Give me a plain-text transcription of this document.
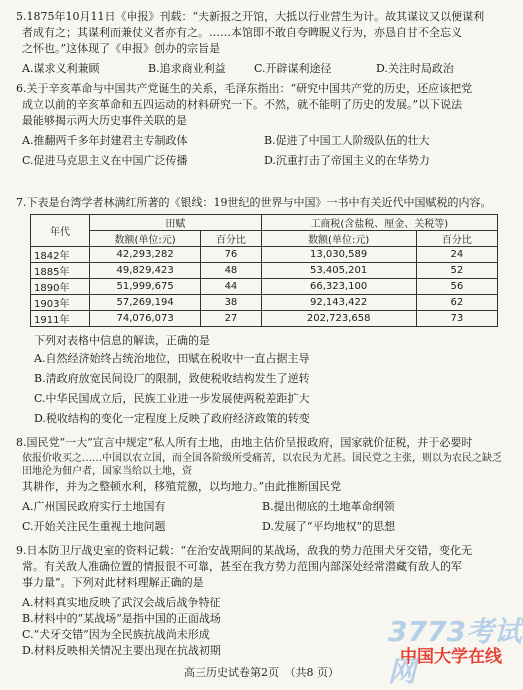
5.1875年10月11日《申报》刊载：“夫新报之开馆，大抵以行业营生为计。故其谋议又以便谋利
者成有之；其谋利而兼仗义者亦有之。……本馆即不敢自夸睥睨义行为，亦恳自甘不全忘义
之怀也。”这体现了《申报》创办的宗旨是
A.谋求义利兼顾	B.追求商业利益	C.开辟谋利途径	D.关注时局政治
6.关于辛亥革命与中国共产党诞生的关系，毛泽东指出：“研究中国共产党的历史，还应该把党
成立以前的辛亥革命和五四运动的材料研究一下。不然，就不能明了历史的发展。”以下说法
最能够揭示两大历史事件关联的是
A.推翻两千多年封建君主专制政体	B.促进了中国工人阶级队伍的壮大
C.促进马克思主义在中国广泛传播	D.沉重打击了帝国主义的在华势力
7.下表是台湾学者林满红所著的《银线：19世纪的世界与中国》一书中有关近代中国赋税的内容。
年代	田赋		工商税(含盐税、厘金、关税等)	
	数额(单位:元)	百分比	数额(单位:元)	百分比
1842年	42,293,282	76	13,030,589	24
1885年	49,829,423	48	53,405,201	52
1890年	51,999,675	44	66,323,100	56
1903年	57,269,194	38	92,143,422	62
1911年	74,076,073	27	202,723,658	73
下列对表格中信息的解读，正确的是
A.自然经济始终占统治地位，田赋在税收中一直占据主导
B.清政府放宽民间设厂的限制，致使税收结构发生了逆转
C.中华民国成立后，民族工业进一步发展使两税差距扩大
D.税收结构的变化一定程度上反映了政府经济政策的转变
8.国民党“一大”宣言中规定“私人所有土地，由地主估价呈报政府，国家就价征税，并于必要时
依报价收买之……中国以农立国，而全国各阶级所受痛苦，以农民为尤甚。国民党之主张，则以为农民之缺乏田地沦为佃户者，国家当给以土地，资
其耕作，并为之整顿水利，移殖荒徼，以均地力。”由此推断国民党
A.广州国民政府实行土地国有	B.提出彻底的土地革命纲领
C.开始关注民生重视土地问题	D.发展了“平均地权”的思想
9.日本防卫厅战史室的资料记载：“在治安战期间的某战场，敌我的势力范围犬牙交错，变化无
常。有关敌人准确位置的情报很不可靠，甚至在我方势力范围内部深处经常潜藏有敌人的军
事力量”。下列对此材料理解正确的是
A.材料真实地反映了武汉会战后战争特征
B.材料中的“某战场”是指中国的正面战场
C.“犬牙交错”因为全民族抗战尚未形成
D.材料反映相关情况主要出现在抗战初期
高三历史试卷第2页　（共8 页）
3773考试网
中国大学在线
